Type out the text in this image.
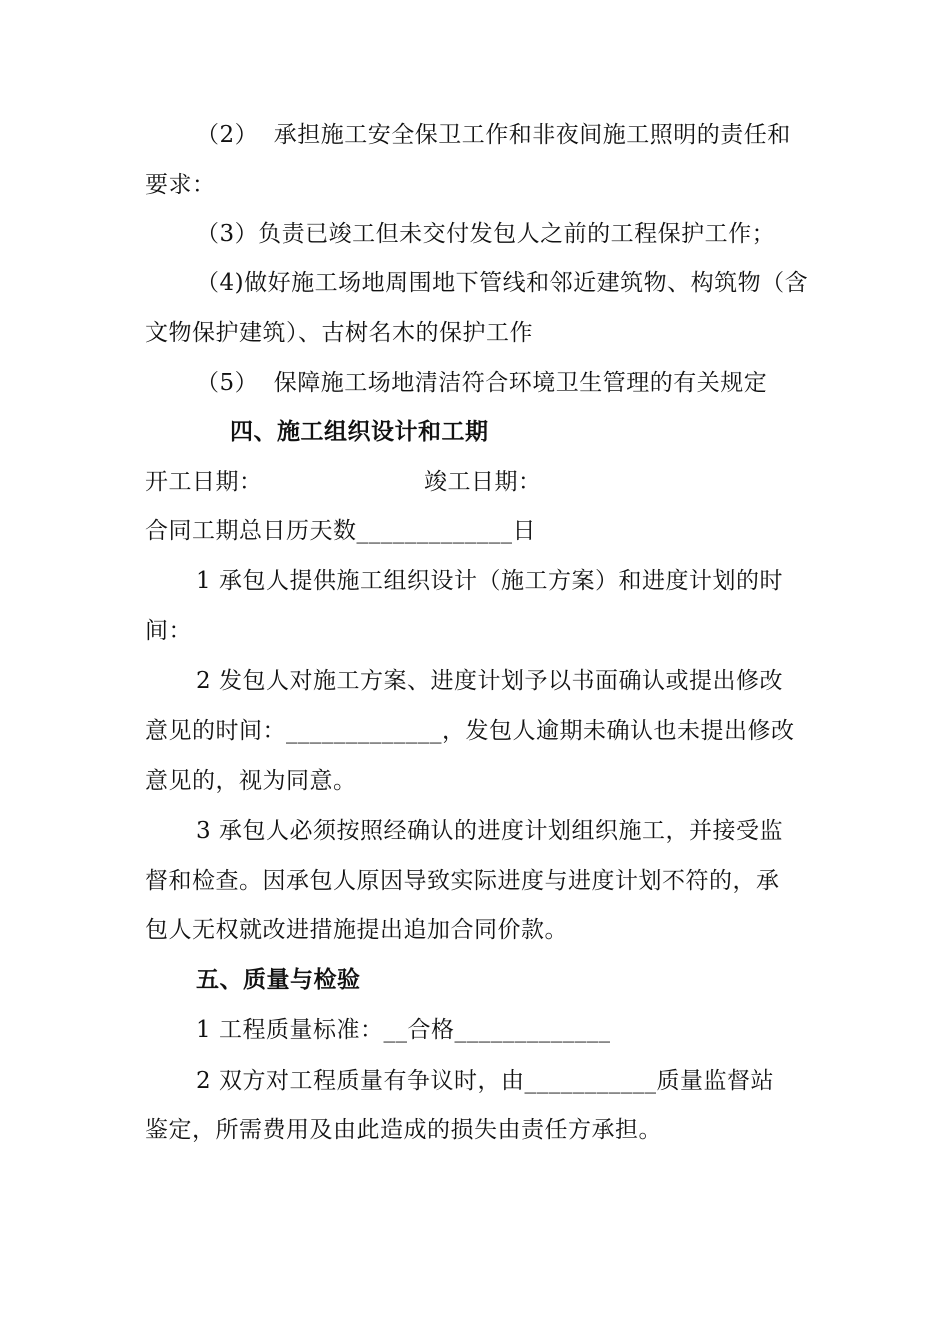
（2）  承担施工安全保卫工作和非夜间施工照明的责任和
要求：
（3）负责已竣工但未交付发包人之前的工程保护工作；
（4)做好施工场地周围地下管线和邻近建筑物、构筑物（含
文物保护建筑）、古树名木的保护工作
（5）  保障施工场地清洁符合环境卫生管理的有关规定
四、施工组织设计和工期
开工日期：	竣工日期：
合同工期总日历天数_____________日
1 承包人提供施工组织设计（施工方案）和进度计划的时
间：
2 发包人对施工方案、进度计划予以书面确认或提出修改
意见的时间：_____________，发包人逾期未确认也未提出修改
意见的，视为同意。
3 承包人必须按照经确认的进度计划组织施工，并接受监
督和检查。因承包人原因导致实际进度与进度计划不符的，承
包人无权就改进措施提出追加合同价款。
五、质量与检验
1 工程质量标准：__合格_____________
2 双方对工程质量有争议时，由___________质量监督站
鉴定，所需费用及由此造成的损失由责任方承担。
